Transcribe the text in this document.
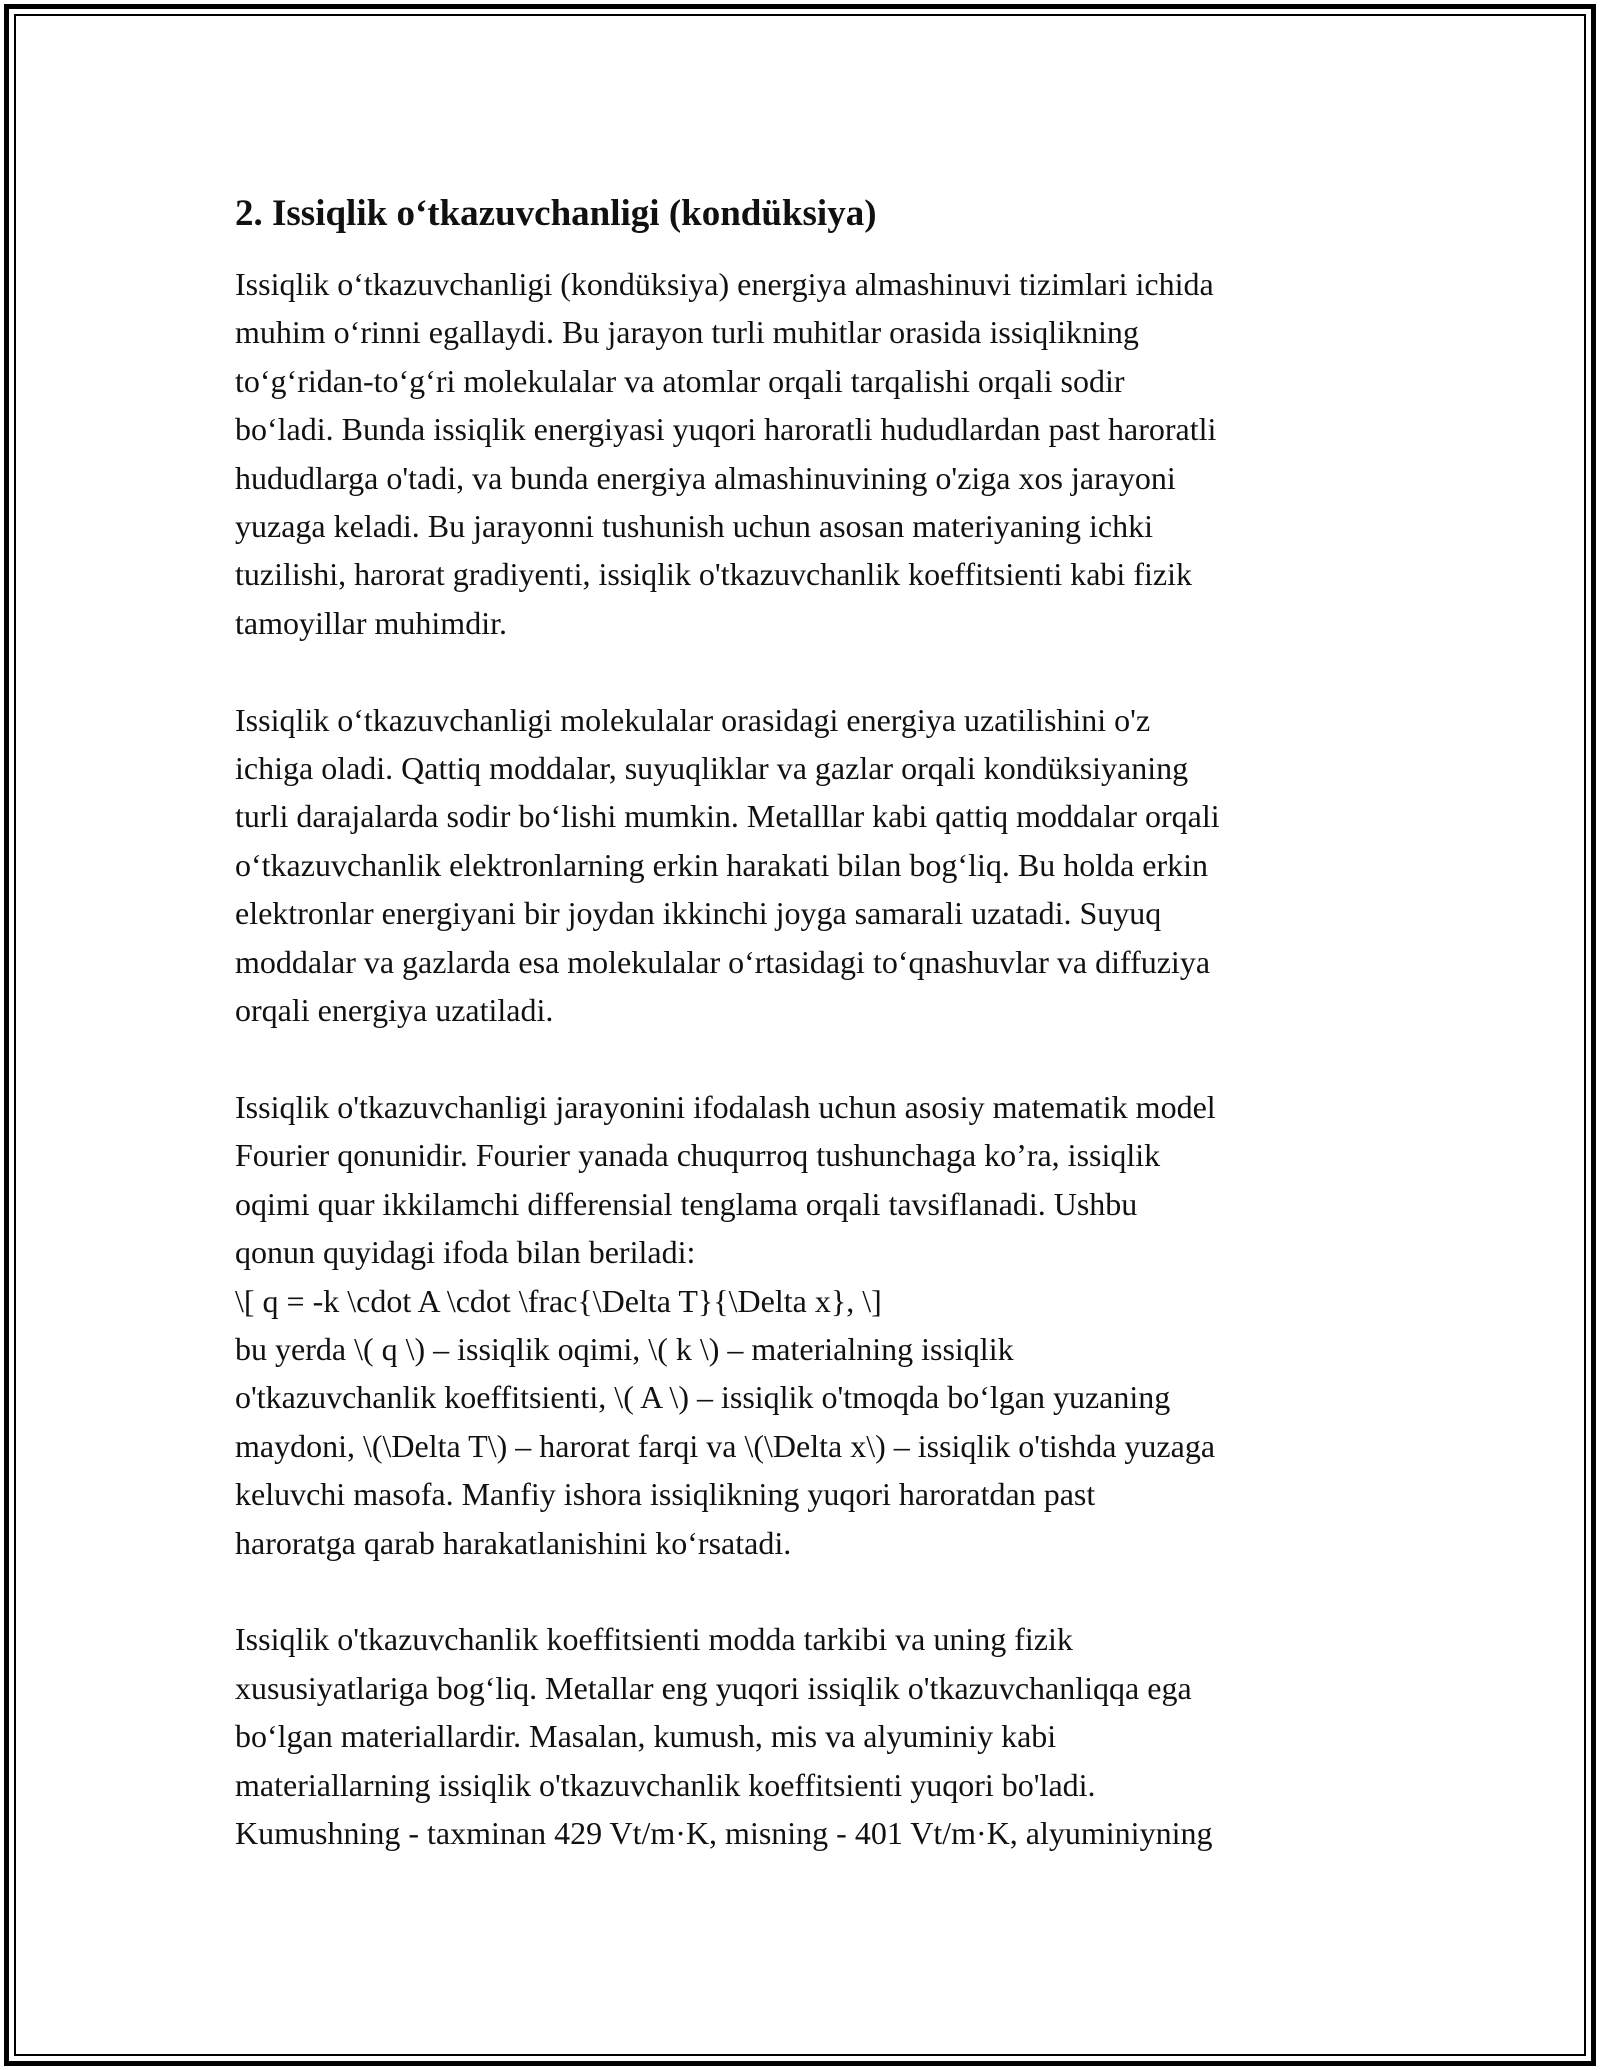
2. Issiqlik o‘tkazuvchanligi (kondüksiya)
Issiqlik o‘tkazuvchanligi (kondüksiya) energiya almashinuvi tizimlari ichida
muhim o‘rinni egallaydi. Bu jarayon turli muhitlar orasida issiqlikning
to‘g‘ridan-to‘g‘ri molekulalar va atomlar orqali tarqalishi orqali sodir
bo‘ladi. Bunda issiqlik energiyasi yuqori haroratli hududlardan past haroratli
hududlarga o'tadi, va bunda energiya almashinuvining o'ziga xos jarayoni
yuzaga keladi. Bu jarayonni tushunish uchun asosan materiyaning ichki
tuzilishi, harorat gradiyenti, issiqlik o'tkazuvchanlik koeffitsienti kabi fizik
tamoyillar muhimdir.
Issiqlik o‘tkazuvchanligi molekulalar orasidagi energiya uzatilishini o'z
ichiga oladi. Qattiq moddalar, suyuqliklar va gazlar orqali kondüksiyaning
turli darajalarda sodir bo‘lishi mumkin. Metalllar kabi qattiq moddalar orqali
o‘tkazuvchanlik elektronlarning erkin harakati bilan bog‘liq. Bu holda erkin
elektronlar energiyani bir joydan ikkinchi joyga samarali uzatadi. Suyuq
moddalar va gazlarda esa molekulalar o‘rtasidagi to‘qnashuvlar va diffuziya
orqali energiya uzatiladi.
Issiqlik o'tkazuvchanligi jarayonini ifodalash uchun asosiy matematik model
Fourier qonunidir. Fourier yanada chuqurroq tushunchaga ko’ra, issiqlik
oqimi quar ikkilamchi differensial tenglama orqali tavsiflanadi. Ushbu
qonun quyidagi ifoda bilan beriladi:
\[ q = -k \cdot A \cdot \frac{\Delta T}{\Delta x}, \]
bu yerda \( q \) – issiqlik oqimi, \( k \) – materialning issiqlik
o'tkazuvchanlik koeffitsienti, \( A \) – issiqlik o'tmoqda bo‘lgan yuzaning
maydoni, \(\Delta T\) – harorat farqi va \(\Delta x\) – issiqlik o'tishda yuzaga
keluvchi masofa. Manfiy ishora issiqlikning yuqori haroratdan past
haroratga qarab harakatlanishini ko‘rsatadi.
Issiqlik o'tkazuvchanlik koeffitsienti modda tarkibi va uning fizik
xususiyatlariga bog‘liq. Metallar eng yuqori issiqlik o'tkazuvchanliqqa ega
bo‘lgan materiallardir. Masalan, kumush, mis va alyuminiy kabi
materiallarning issiqlik o'tkazuvchanlik koeffitsienti yuqori bo'ladi.
Kumushning - taxminan 429 Vt/m·K, misning - 401 Vt/m·K, alyuminiyning
